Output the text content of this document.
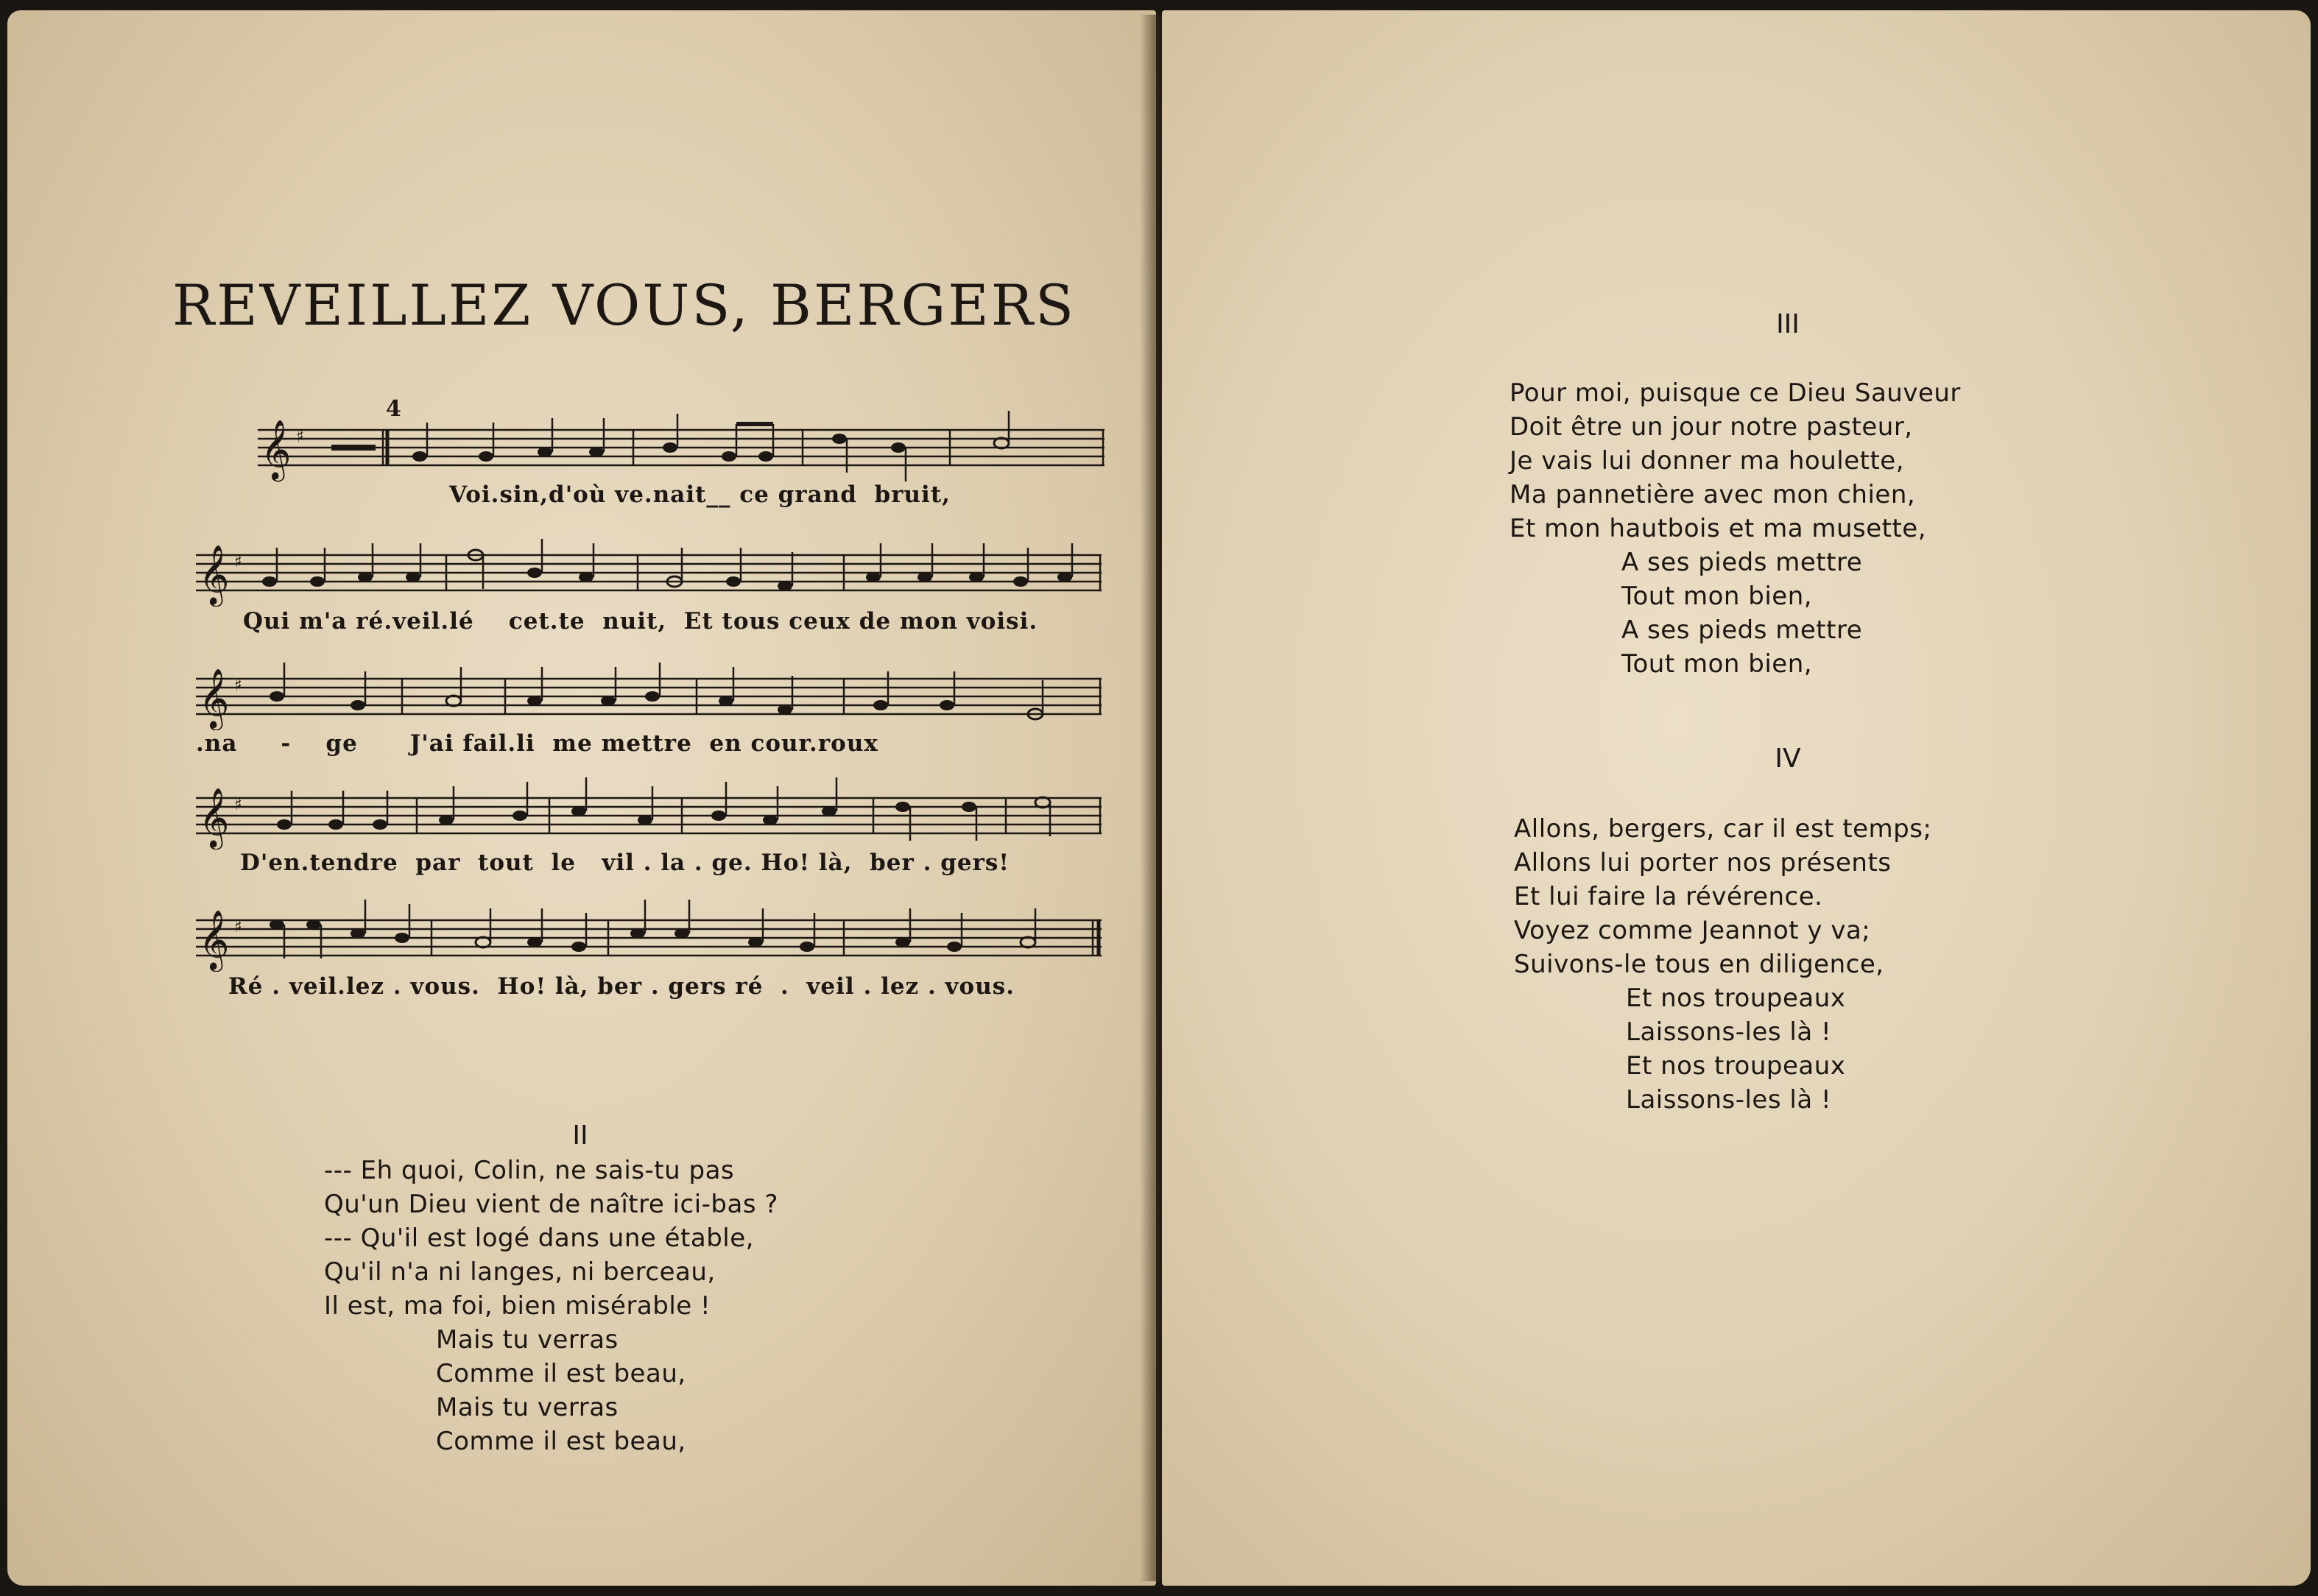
REVEILLEZ VOUS, BERGERS
𝄞 ♯
4
Voi.sin,d'où ve.nait__ ce grand  bruit,
𝄞 ♯
Qui m'a ré.veil.lé    cet.te  nuit,  Et tous ceux de mon voisi.
𝄞 ♯
.na     -    ge      J'ai fail.li  me mettre  en cour.roux
𝄞 ♯
D'en.tendre  par  tout  le   vil . la . ge. Ho! là,  ber . gers!
𝄞 ♯
Ré . veil.lez . vous.  Ho! là, ber . gers ré  .  veil . lez . vous.
II
--- Eh quoi, Colin, ne sais-tu pas
Qu'un Dieu vient de naître ici-bas ?
--- Qu'il est logé dans une étable,
Qu'il n'a ni langes, ni berceau,
Il est, ma foi, bien misérable !
Mais tu verras
Comme il est beau,
Mais tu verras
Comme il est beau,
III
Pour moi, puisque ce Dieu Sauveur
Doit être un jour notre pasteur,
Je vais lui donner ma houlette,
Ma pannetière avec mon chien,
Et mon hautbois et ma musette,
A ses pieds mettre
Tout mon bien,
A ses pieds mettre
Tout mon bien,
IV
Allons, bergers, car il est temps;
Allons lui porter nos présents
Et lui faire la révérence.
Voyez comme Jeannot y va;
Suivons-le tous en diligence,
Et nos troupeaux
Laissons-les là !
Et nos troupeaux
Laissons-les là !
